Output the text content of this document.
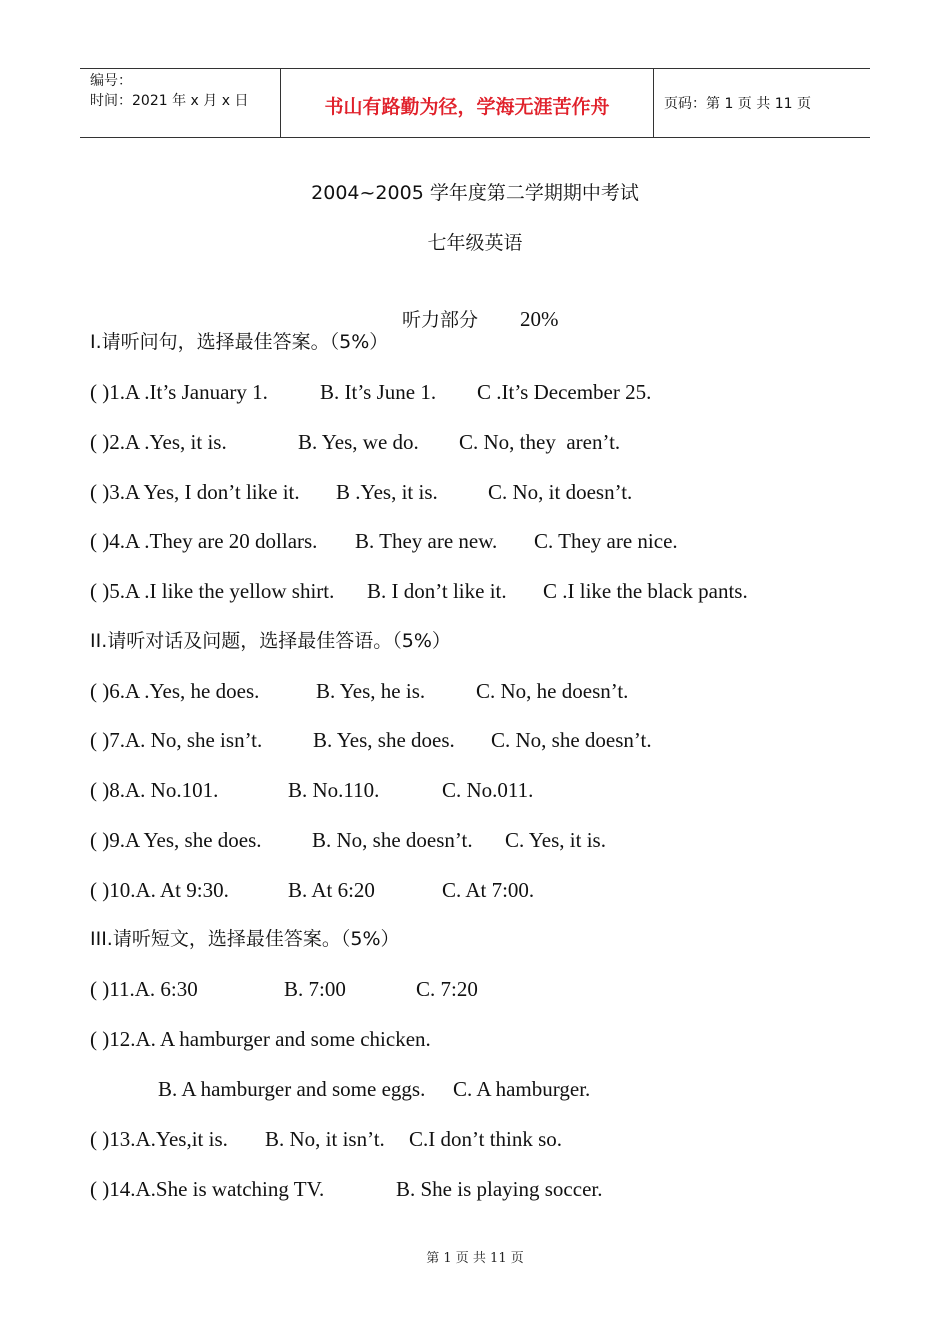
编号：
时间：2021 年 x 月 x 日	书山有路勤为径，学海无涯苦作舟	页码：第 1 页 共 11 页
2004~2005 学年度第二学期期中考试
七年级英语

听力部分 20%

I.请听问句，选择最佳答案。（5%）
( )1.A .It’s January 1. B. It’s June 1. C .It’s December 25.
( )2.A .Yes, it is.	B. Yes, we do. C. No, they  aren’t.
( )3.A Yes, I don’t like it. B .Yes, it is. C. No, it doesn’t.
( )4.A .They are 20 dollars. B. They are new. C. They are nice.
( )5.A .I like the yellow shirt. B. I don’t like it. C .I like the black pants.
II.请听对话及问题，选择最佳答语。（5%）
( )6.A .Yes, he does.	B. Yes, he is. C. No, he doesn’t.
( )7.A. No, she isn’t. B. Yes, she does. C. No, she doesn’t.
( )8.A. No.101.	B. No.110.	C. No.011.
( )9.A Yes, she does. B. No, she doesn’t. C. Yes, it is.
( )10.A. At 9:30.	B. At 6:20	C. At 7:00.
III.请听短文，选择最佳答案。（5%）
( )11.A. 6:30	B. 7:00	C. 7:20
( )12.A. A hamburger and some chicken.
B. A hamburger and some eggs. C. A hamburger.
( )13.A.Yes,it is. B. No, it isn’t. C.I don’t think so.
( )14.A.She is watching TV.	B. She is playing soccer.
第 1 页 共 11 页
